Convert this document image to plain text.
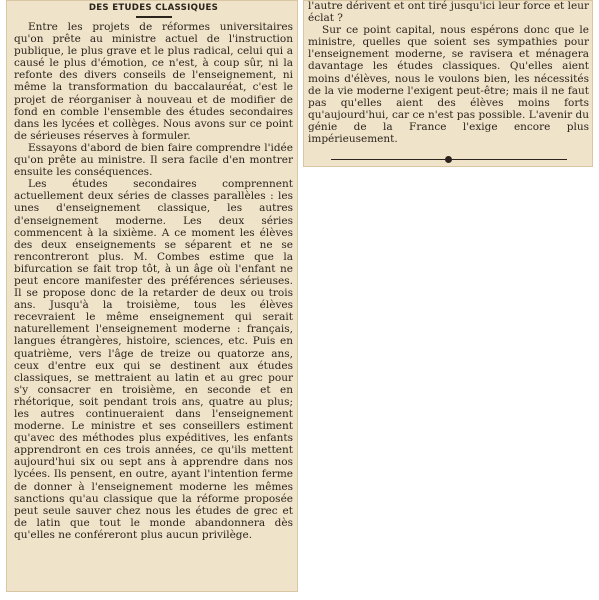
DES ETUDES CLASSIQUES

Entre les projets de réformes universitaires qu'on prête au ministre actuel de l'instruction publique, le plus grave et le plus radical, celui qui a causé le plus d'émotion, ce n'est, à coup sûr, ni la refonte des divers conseils de l'enseignement, ni même la transformation du baccalauréat, c'est le projet de réorganiser à nouveau et de modifier de fond en comble l'ensemble des études secondaires dans les lycées et collèges. Nous avons sur ce point de sérieuses réserves à formuler.

Essayons d'abord de bien faire comprendre l'idée qu'on prête au ministre. Il sera facile d'en montrer ensuite les conséquences.

Les études secondaires comprennent actuellement deux séries de classes parallèles : les unes d'enseignement classique, les autres d'enseignement moderne. Les deux séries commencent à la sixième. A ce moment les élèves des deux enseignements se séparent et ne se rencontreront plus. M. Combes estime que la bifurcation se fait trop tôt, à un âge où l'enfant ne peut encore manifester des préférences sérieuses. Il se propose donc de la retarder de deux ou trois ans. Jusqu'à la troisième, tous les élèves recevraient le même enseignement qui serait naturellement l'enseignement moderne : français, langues étrangères, histoire, sciences, etc. Puis en quatrième, vers l'âge de treize ou quatorze ans, ceux d'entre eux qui se destinent aux études classiques, se mettraient au latin et au grec pour s'y consacrer en troisième, en seconde et en rhétorique, soit pendant trois ans, quatre au plus; les autres continueraient dans l'enseignement moderne. Le ministre et ses conseillers estiment qu'avec des méthodes plus expéditives, les enfants apprendront en ces trois années, ce qu'ils mettent aujourd'hui six ou sept ans à apprendre dans nos lycées. Ils pensent, en outre, ayant l'intention ferme de donner à l'enseignement moderne les mêmes sanctions qu'au classique que la réforme proposée peut seule sauver chez nous les études de grec et de latin que tout le monde abandonnera dès qu'elles ne conféreront plus aucun privilège.

l'autre dérivent et ont tiré jusqu'ici leur force et leur éclat ?

Sur ce point capital, nous espérons donc que le ministre, quelles que soient ses sympathies pour l'enseignement moderne, se ravisera et ménagera davantage les études classiques. Qu'elles aient moins d'élèves, nous le voulons bien, les nécessités de la vie moderne l'exigent peut-être; mais il ne faut pas qu'elles aient des élèves moins forts qu'aujourd'hui, car ce n'est pas possible. L'avenir du génie de la France l'exige encore plus impérieusement.
